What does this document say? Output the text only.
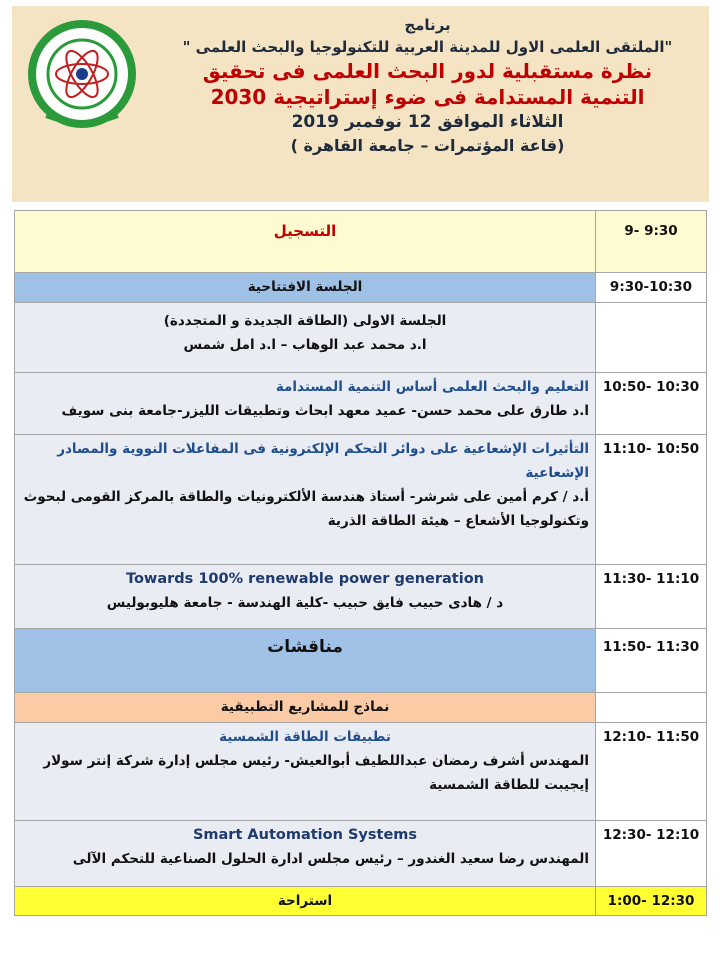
برنامج
"الملتقى العلمى الاول للمدينة العربية للتكنولوجيا والبحث العلمى "
نظرة مستقبلية لدور البحث العلمى فى تحقيق
التنمية المستدامة فى ضوء إستراتيجية 2030
الثلاثاء الموافق 12 نوفمبر 2019
(قاعة المؤتمرات – جامعة القاهرة )
التسجيل	9:30 -9
الجلسة الافتتاحية	9:30-10:30

الجلسة الاولى (الطاقة الجديدة و المتجددة)
ا.د محمد عبد الوهاب – ا.د امل شمس	

التعليم والبحث العلمى أساس التنمية المستدامة
ا.د طارق على محمد حسن- عميد معهد ابحاث وتطبيقات الليزر-جامعة بنى سويف	10:30 -10:50

التأثيرات الإشعاعية على دوائر التحكم الإلكترونية فى المفاعلات النووية والمصادر الإشعاعية
أ.د / كرم أمين على شرشر- أستاذ هندسة الألكترونيات والطاقة بالمركز القومى لبحوث وتكنولوجيا الأشعاع – هيئة الطاقة الذرية	10:50 -11:10

Towards 100% renewable power generation
د / هادى حبيب فايق حبيب -كلية الهندسة - جامعة هليوبوليس	11:10 -11:30
مناقشات	11:30 -11:50
نماذج للمشاريع التطبيقية	

تطبيقات الطاقة الشمسية
المهندس أشرف رمضان عبداللطيف أبوالعيش- رئيس مجلس إدارة شركة إنتر سولار إيجيبت للطاقة الشمسية	11:50 -12:10

Smart Automation Systems
المهندس رضا سعيد الغندور – رئيس مجلس ادارة الحلول الصناعية للتحكم الآلى	12:10 -12:30
استراحة	12:30 -1:00
